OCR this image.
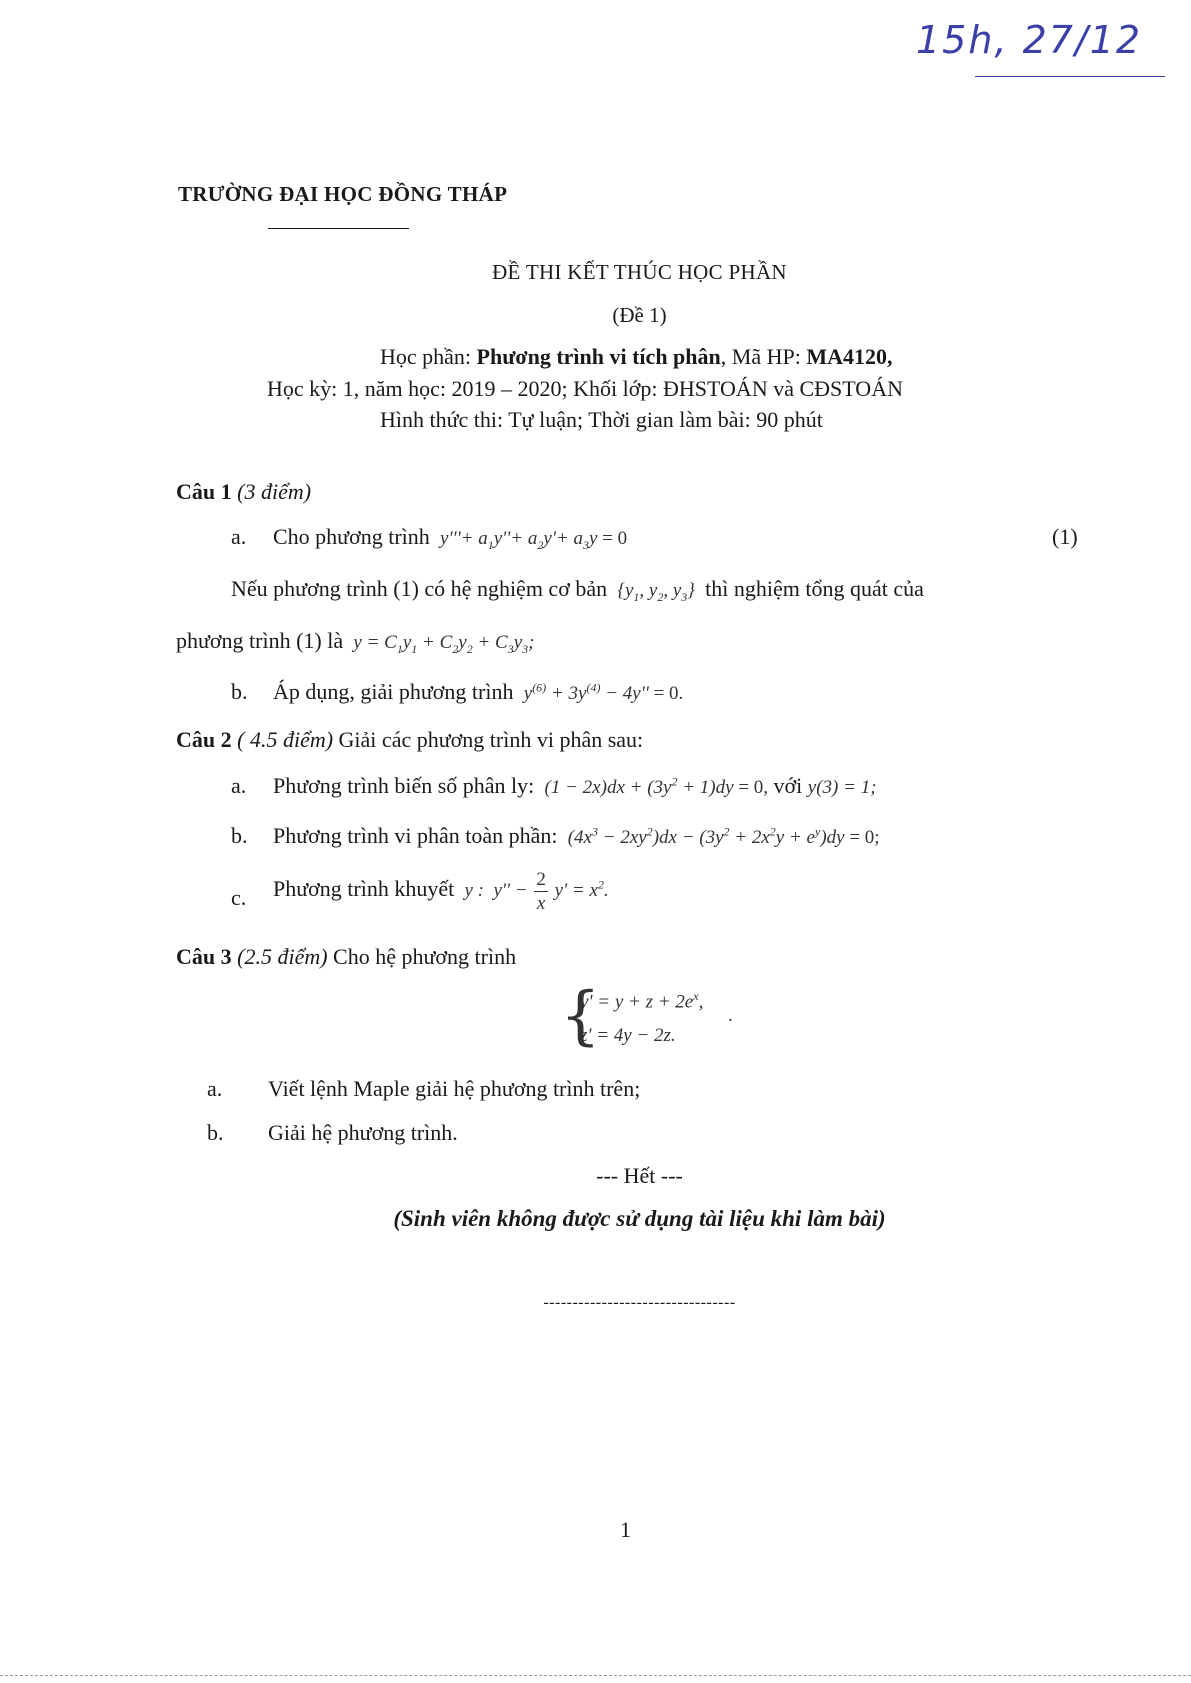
15h, 27/12
TRƯỜNG ĐẠI HỌC ĐỒNG THÁP
ĐỀ THI KẾT THÚC HỌC PHẦN
(Đề 1)
Học phần: Phương trình vi tích phân, Mã HP: MA4120,
Học kỳ: 1, năm học: 2019 – 2020; Khối lớp: ĐHSTOÁN và CĐSTOÁN
Hình thức thi: Tự luận; Thời gian làm bài: 90 phút
Câu 1 (3 điểm)
a. Cho phương trình  $y'''+ a_1y''+ a_2y'+ a_3y = 0$	(1)
Nếu phương trình (1) có hệ nghiệm cơ bản  {$y_1$, $y_2$, $y_3$}  thì nghiệm tổng quát của
phương trình (1) là  $y = C_1y_1 + C_2y_2 + C_3y_3$;
b. Áp dụng, giải phương trình  $y^{(6)} + 3y^{(4)} - 4y'' = 0$.
Câu 2 ( 4.5 điểm) Giải các phương trình vi phân sau:
a. Phương trình biến số phân ly:  $(1 - 2x)dx + (3y^2 + 1)dy = 0$, với y(3) = 1;
b. Phương trình vi phân toàn phần:  $(4x^3 - 2xy^2)dx - (3y^2 + 2x^2y + e^y)dy = 0$;
c. Phương trình khuyết  y :  $y'' - \frac{2}{x} y' = x^2$.
Câu 3 (2.5 điểm) Cho hệ phương trình
{
$y' = y + z + 2e^x$,
z' = 4y − 2z.
.
a. Viết lệnh Maple giải hệ phương trình trên;
b. Giải hệ phương trình.
--- Hết ---
(Sinh viên không được sử dụng tài liệu khi làm bài)
---------------------------------
1
